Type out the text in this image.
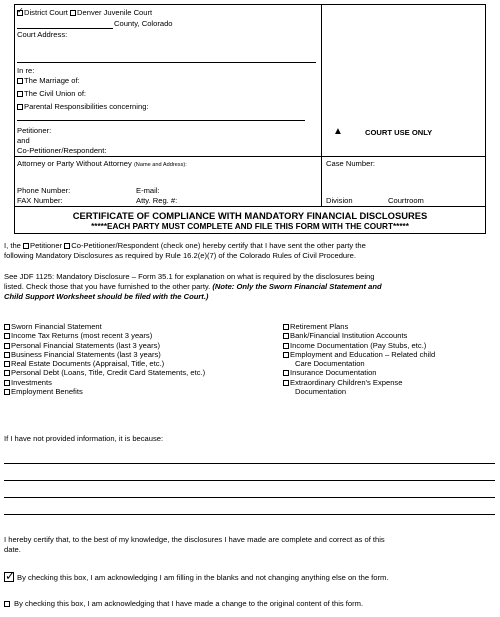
✓District Court Denver Juvenile Court
County, Colorado
Court Address:
In re:
The Marriage of:
The Civil Union of:
Parental Responsibilities concerning:
Petitioner:
and
Co-Petitioner/Respondent:
Attorney or Party Without Attorney (Name and Address):
Phone Number:	E-mail:
FAX Number:	Atty. Reg. #:
▲	COURT USE ONLY
Case Number:
Division	Courtroom
CERTIFICATE OF COMPLIANCE WITH MANDATORY FINANCIAL DISCLOSURES
*****EACH PARTY MUST COMPLETE AND FILE THIS FORM WITH THE COURT*****
I, the Petitioner Co-Petitioner/Respondent (check one) hereby certify that I have sent the other party the
following Mandatory Disclosures as required by Rule 16.2(e)(7) of the Colorado Rules of Civil Procedure.
See JDF 1125: Mandatory Disclosure – Form 35.1 for explanation on what is required by the disclosures being
listed. Check those that you have furnished to the other party. (Note: Only the Sworn Financial Statement and
Child Support Worksheet should be filed with the Court.)
Sworn Financial Statement
Income Tax Returns (most recent 3 years)
Personal Financial Statements (last 3 years)
Business Financial Statements (last 3 years)
Real Estate Documents (Appraisal, Title, etc.)
Personal Debt (Loans, Title, Credit Card Statements, etc.)
Investments
Employment Benefits
Retirement Plans
Bank/Financial Institution Accounts
Income Documentation (Pay Stubs, etc.)
Employment and Education – Related child
Care Documentation
Insurance Documentation
Extraordinary Children's Expense
Documentation
If I have not provided information, it is because:
I hereby certify that, to the best of my knowledge, the disclosures I have made are complete and correct as of this
date.
✓By checking this box, I am acknowledging I am filling in the blanks and not changing anything else on the form.
By checking this box, I am acknowledging that I have made a change to the original content of this form.
